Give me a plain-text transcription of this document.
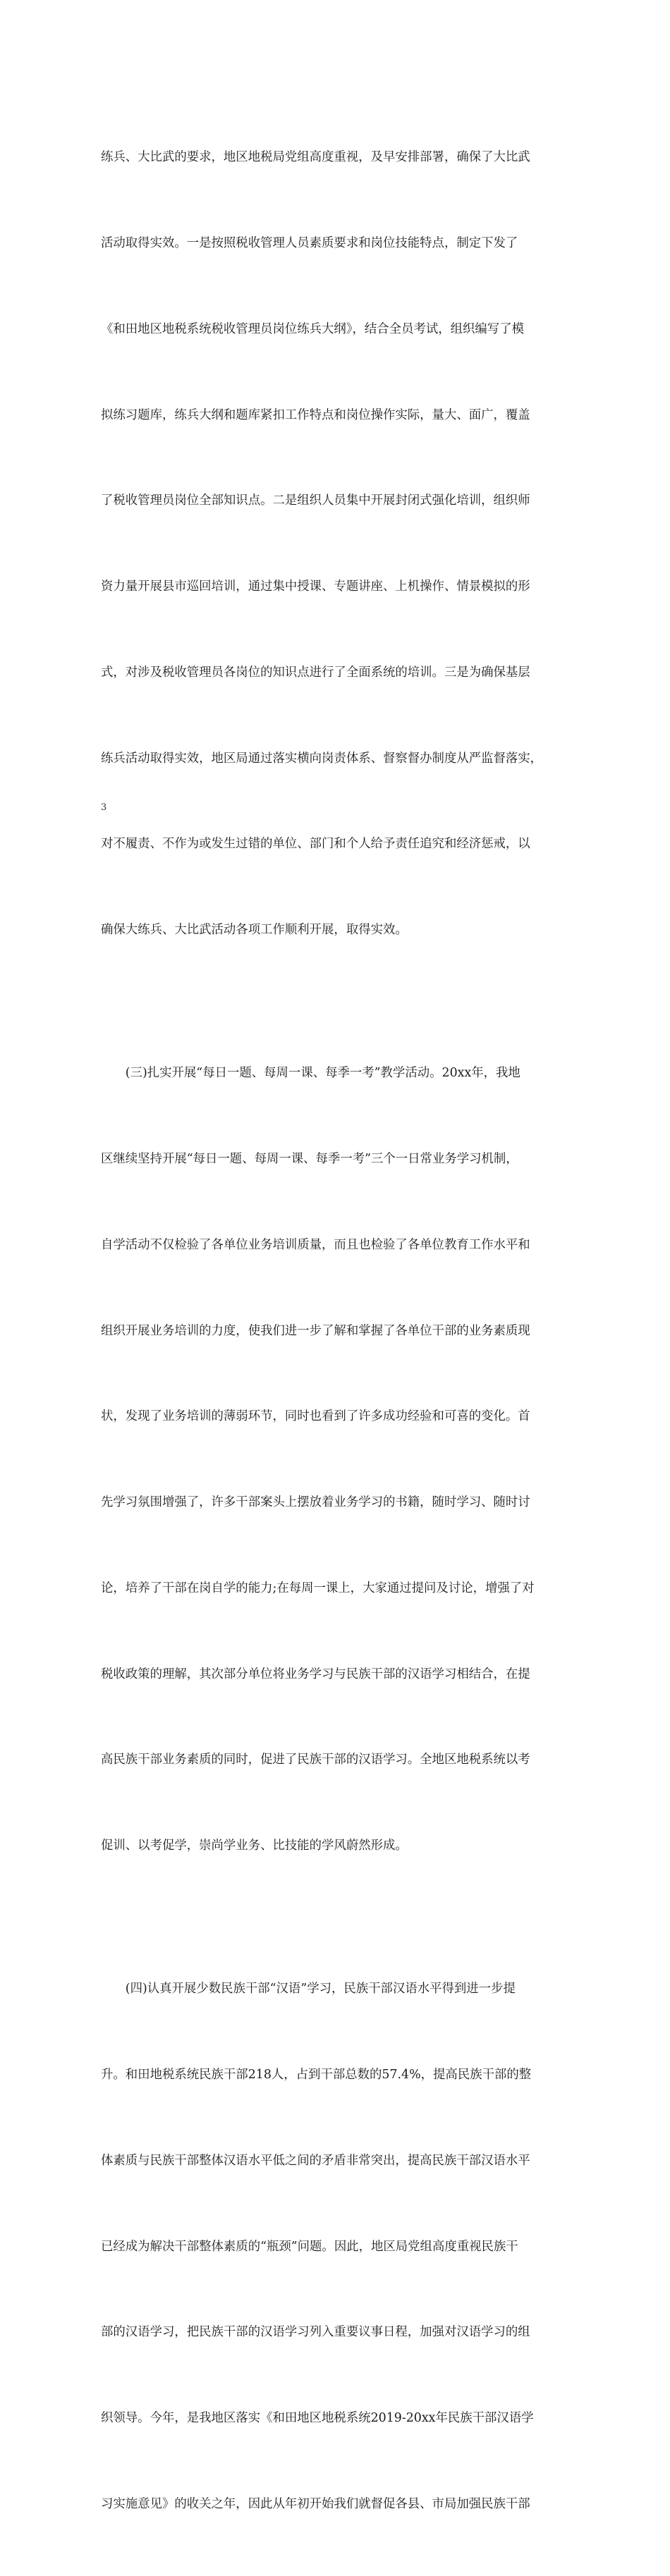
练兵、大比武的要求，地区地税局党组高度重视，及早安排部署，确保了大比武

活动取得实效。一是按照税收管理人员素质要求和岗位技能特点，制定下发了

《和田地区地税系统税收管理员岗位练兵大纲》，结合全员考试，组织编写了模

拟练习题库，练兵大纲和题库紧扣工作特点和岗位操作实际，量大、面广，覆盖

了税收管理员岗位全部知识点。二是组织人员集中开展封闭式强化培训，组织师

资力量开展县市巡回培训，通过集中授课、专题讲座、上机操作、情景模拟的形

式，对涉及税收管理员各岗位的知识点进行了全面系统的培训。三是为确保基层

练兵活动取得实效，地区局通过落实横向岗责体系、督察督办制度从严监督落实，

对不履责、不作为或发生过错的单位、部门和个人给予责任追究和经济惩戒，以

确保大练兵、大比武活动各项工作顺利开展，取得实效。

　　(三)扎实开展“每日一题、每周一课、每季一考”教学活动。20xx年，我地

区继续坚持开展“每日一题、每周一课、每季一考”三个一日常业务学习机制，

自学活动不仅检验了各单位业务培训质量，而且也检验了各单位教育工作水平和

组织开展业务培训的力度，使我们进一步了解和掌握了各单位干部的业务素质现

状，发现了业务培训的薄弱环节，同时也看到了许多成功经验和可喜的变化。首

先学习氛围增强了，许多干部案头上摆放着业务学习的书籍，随时学习、随时讨

论，培养了干部在岗自学的能力;在每周一课上，大家通过提问及讨论，增强了对

税收政策的理解，其次部分单位将业务学习与民族干部的汉语学习相结合，在提

高民族干部业务素质的同时，促进了民族干部的汉语学习。全地区地税系统以考

促训、以考促学，崇尚学业务、比技能的学风蔚然形成。

　　(四)认真开展少数民族干部“汉语”学习，民族干部汉语水平得到进一步提

升。和田地税系统民族干部218人，占到干部总数的57.4%，提高民族干部的整

体素质与民族干部整体汉语水平低之间的矛盾非常突出，提高民族干部汉语水平

已经成为解决干部整体素质的“瓶颈”问题。因此，地区局党组高度重视民族干

部的汉语学习，把民族干部的汉语学习列入重要议事日程，加强对汉语学习的组

织领导。今年，是我地区落实《和田地区地税系统2019-20xx年民族干部汉语学

习实施意见》的收关之年，因此从年初开始我们就督促各县、市局加强民族干部

3
